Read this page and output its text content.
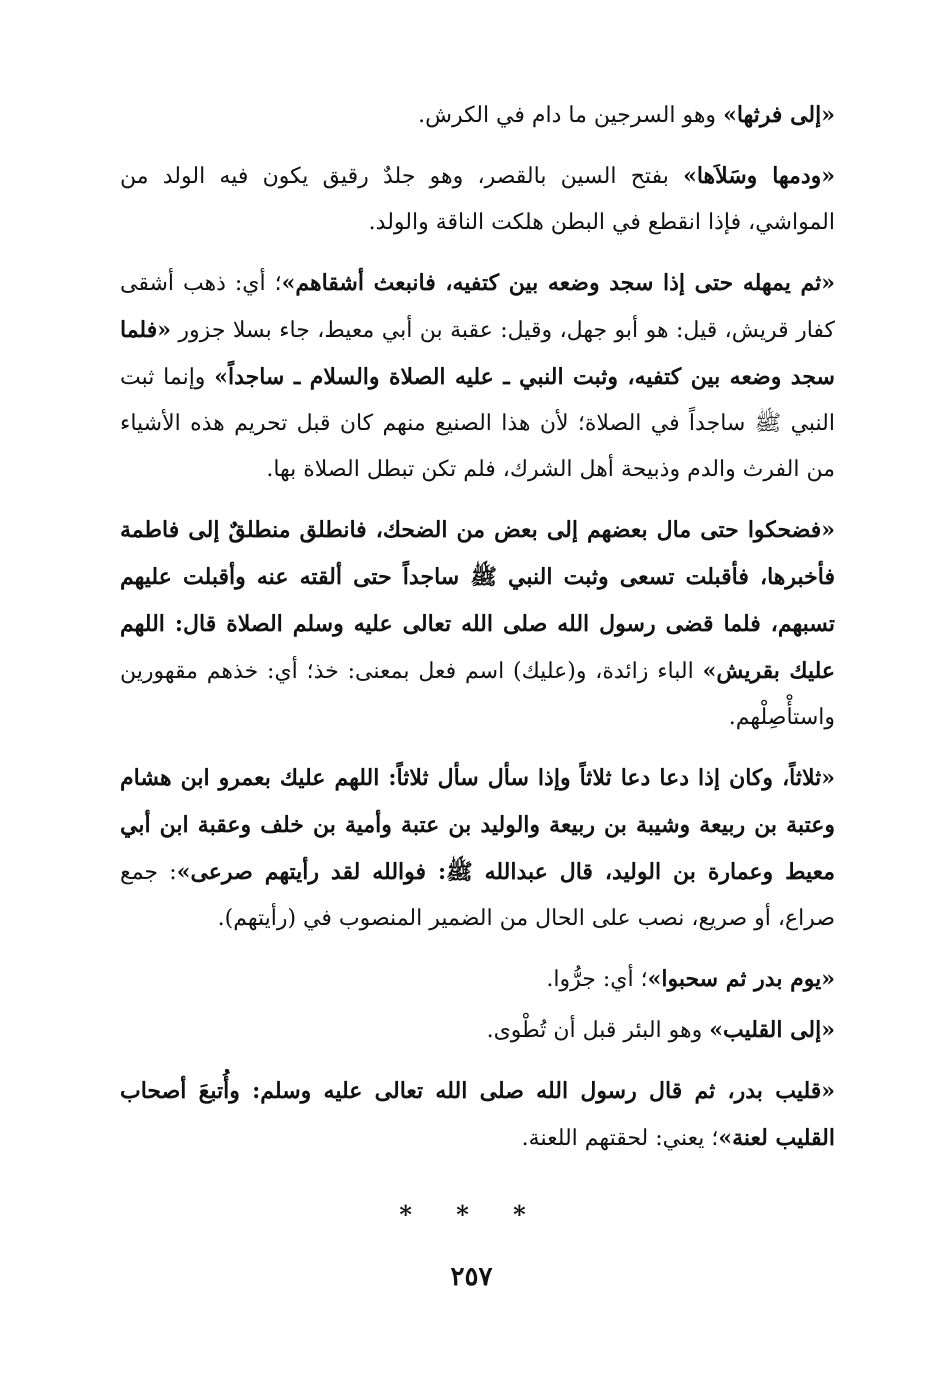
«إلى فرثها» وهو السرجين ما دام في الكرش.

«ودمها وسَلاَها» بفتح السين بالقصر، وهو جلدٌ رقيق يكون فيه الولد من المواشي، فإذا انقطع في البطن هلكت الناقة والولد.

«ثم يمهله حتى إذا سجد وضعه بين كتفيه، فانبعث أشقاهم»؛ أي: ذهب أشقى كفار قريش، قيل: هو أبو جهل، وقيل: عقبة بن أبي معيط، جاء بسلا جزور «فلما سجد وضعه بين كتفيه، وثبت النبي ـ عليه الصلاة والسلام ـ ساجداً» وإنما ثبت النبي ﷺ ساجداً في الصلاة؛ لأن هذا الصنيع منهم كان قبل تحريم هذه الأشياء من الفرث والدم وذبيحة أهل الشرك، فلم تكن تبطل الصلاة بها.

«فضحكوا حتى مال بعضهم إلى بعض من الضحك، فانطلق منطلقٌ إلى فاطمة فأخبرها، فأقبلت تسعى وثبت النبي ﷺ ساجداً حتى ألقته عنه وأقبلت عليهم تسبهم، فلما قضى رسول الله صلى الله تعالى عليه وسلم الصلاة قال: اللهم عليك بقريش» الباء زائدة، و(عليك) اسم فعل بمعنى: خذ؛ أي: خذهم مقهورين واستأْصِلْهم.

«ثلاثاً، وكان إذا دعا دعا ثلاثاً وإذا سأل سأل ثلاثاً: اللهم عليك بعمرو ابن هشام وعتبة بن ربيعة وشيبة بن ربيعة والوليد بن عتبة وأمية بن خلف وعقبة ابن أبي معيط وعمارة بن الوليد، قال عبدالله ﷺ: فوالله لقد رأيتهم صرعى»: جمع صراع، أو صريع، نصب على الحال من الضمير المنصوب في (رأيتهم).

«يوم بدر ثم سحبوا»؛ أي: جرُّوا.

«إلى القليب» وهو البئر قبل أن تُطْوى.

«قليب بدر، ثم قال رسول الله صلى الله تعالى عليه وسلم: وأُتبعَ أصحاب القليب لعنة»؛ يعني: لحقتهم اللعنة.

* * *
٢٥٧
